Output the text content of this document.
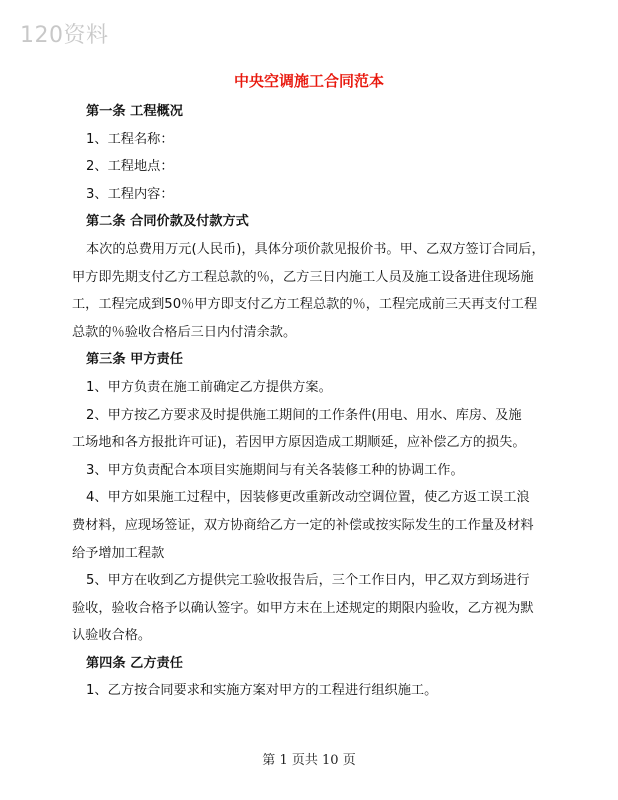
120资料
中央空调施工合同范本
第一条 工程概况
1、工程名称：
2、工程地点：
3、工程内容：
第二条 合同价款及付款方式
本次的总费用万元(人民币)，具体分项价款见报价书。甲、乙双方签订合同后，
甲方即先期支付乙方工程总款的％，乙方三日内施工人员及施工设备进住现场施
工，工程完成到50％甲方即支付乙方工程总款的％，工程完成前三天再支付工程
总款的％验收合格后三日内付清余款。
第三条 甲方责任
1、甲方负责在施工前确定乙方提供方案。
2、甲方按乙方要求及时提供施工期间的工作条件(用电、用水、库房、及施
工场地和各方报批许可证)，若因甲方原因造成工期顺延，应补偿乙方的损失。
3、甲方负责配合本项目实施期间与有关各装修工种的协调工作。
4、甲方如果施工过程中，因装修更改重新改动空调位置，使乙方返工误工浪
费材料，应现场签证，双方协商给乙方一定的补偿或按实际发生的工作量及材料
给予增加工程款
5、甲方在收到乙方提供完工验收报告后，三个工作日内，甲乙双方到场进行
验收，验收合格予以确认签字。如甲方末在上述规定的期限内验收，乙方视为默
认验收合格。
第四条 乙方责任
1、乙方按合同要求和实施方案对甲方的工程进行组织施工。
第 1 页共 10 页
